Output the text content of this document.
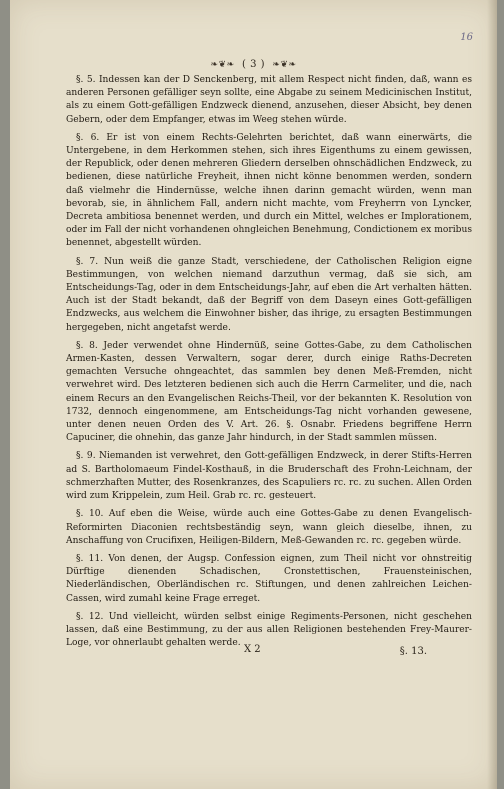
16
❧❦❧ ( 3 ) ❧❦❧

§. 5. Indessen kan der D Senckenberg, mit allem Respect nicht finden, daß, wann es anderen Personen gefälliger seyn sollte, eine Abgabe zu seinem Medicinischen Institut, als zu einem Gott-gefälligen Endzweck dienend, anzusehen, dieser Absicht, bey denen Gebern, oder dem Empfanger, etwas im Weeg stehen würde.

§. 6. Er ist von einem Rechts-Gelehrten berichtet, daß wann einerwärts, die Untergebene, in dem Herkommen stehen, sich ihres Eigenthums zu einem gewissen, der Republick, oder denen mehreren Gliedern derselben ohnschädlichen Endzweck, zu bedienen, diese natürliche Freyheit, ihnen nicht könne benommen werden, sondern daß vielmehr die Hindernüsse, welche ihnen darinn gemacht würden, wenn man bevorab, sie, in ähnlichem Fall, andern nicht machte, vom Freyherrn von Lyncker, Decreta ambitiosa benennet werden, und durch ein Mittel, welches er Implorationem, oder im Fall der nicht vorhandenen ohngleichen Benehmung, Condictionem ex moribus benennet, abgestellt würden.

§. 7. Nun weiß die ganze Stadt, verschiedene, der Catholischen Religion eigne Bestimmungen, von welchen niemand darzuthun vermag, daß sie sich, am Entscheidungs-Tag, oder in dem Entscheidungs-Jahr, auf eben die Art verhalten hätten. Auch ist der Stadt bekandt, daß der Begriff von dem Daseyn eines Gott-gefälligen Endzwecks, aus welchem die Einwohner bisher, das ihrige, zu ersagten Bestimmungen hergegeben, nicht angetafst werde.

§. 8. Jeder verwendet ohne Hindernüß, seine Gottes-Gabe, zu dem Catholischen Armen-Kasten, dessen Verwaltern, sogar derer, durch einige Raths-Decreten gemachten Versuche ohngeachtet, das sammlen bey denen Meß-Fremden, nicht verwehret wird. Des letzteren bedienen sich auch die Herrn Carmeliter, und die, nach einem Recurs an den Evangelischen Reichs-Theil, vor der bekannten K. Resolution von 1732, dennoch eingenommene, am Entscheidungs-Tag nicht vorhanden gewesene, unter denen neuen Orden des V. Art. 26. §. Osnabr. Friedens begriffene Herrn Capuciner, die ohnehin, das ganze Jahr hindurch, in der Stadt sammlen müssen.

§. 9. Niemanden ist verwehret, den Gott-gefälligen Endzweck, in derer Stifts-Herren ad S. Bartholomaeum Findel-Kosthauß, in die Bruderschaft des Frohn-Leichnam, der schmerzhaften Mutter, des Rosenkranzes, des Scapuliers rc. rc. zu suchen. Allen Orden wird zum Krippelein, zum Heil. Grab rc. rc. gesteuert.

§. 10. Auf eben die Weise, würde auch eine Gottes-Gabe zu denen Evangelisch-Reformirten Diaconien rechtsbeständig seyn, wann gleich dieselbe, ihnen, zu Anschaffung von Crucifixen, Heiligen-Bildern, Meß-Gewanden rc. rc. gegeben würde.

§. 11. Von denen, der Augsp. Confession eignen, zum Theil nicht vor ohnstreitig Dürftige dienenden Schadischen, Cronstettischen, Frauensteinischen, Niederländischen, Oberländischen rc. Stiftungen, und denen zahlreichen Leichen-Cassen, wird zumahl keine Frage erreget.

§. 12. Und vielleicht, würden selbst einige Regiments-Personen, nicht geschehen lassen, daß eine Bestimmung, zu der aus allen Religionen bestehenden Frey-Maurer-Loge, vor ohnerlaubt gehalten werde.

X 2	§. 13.
